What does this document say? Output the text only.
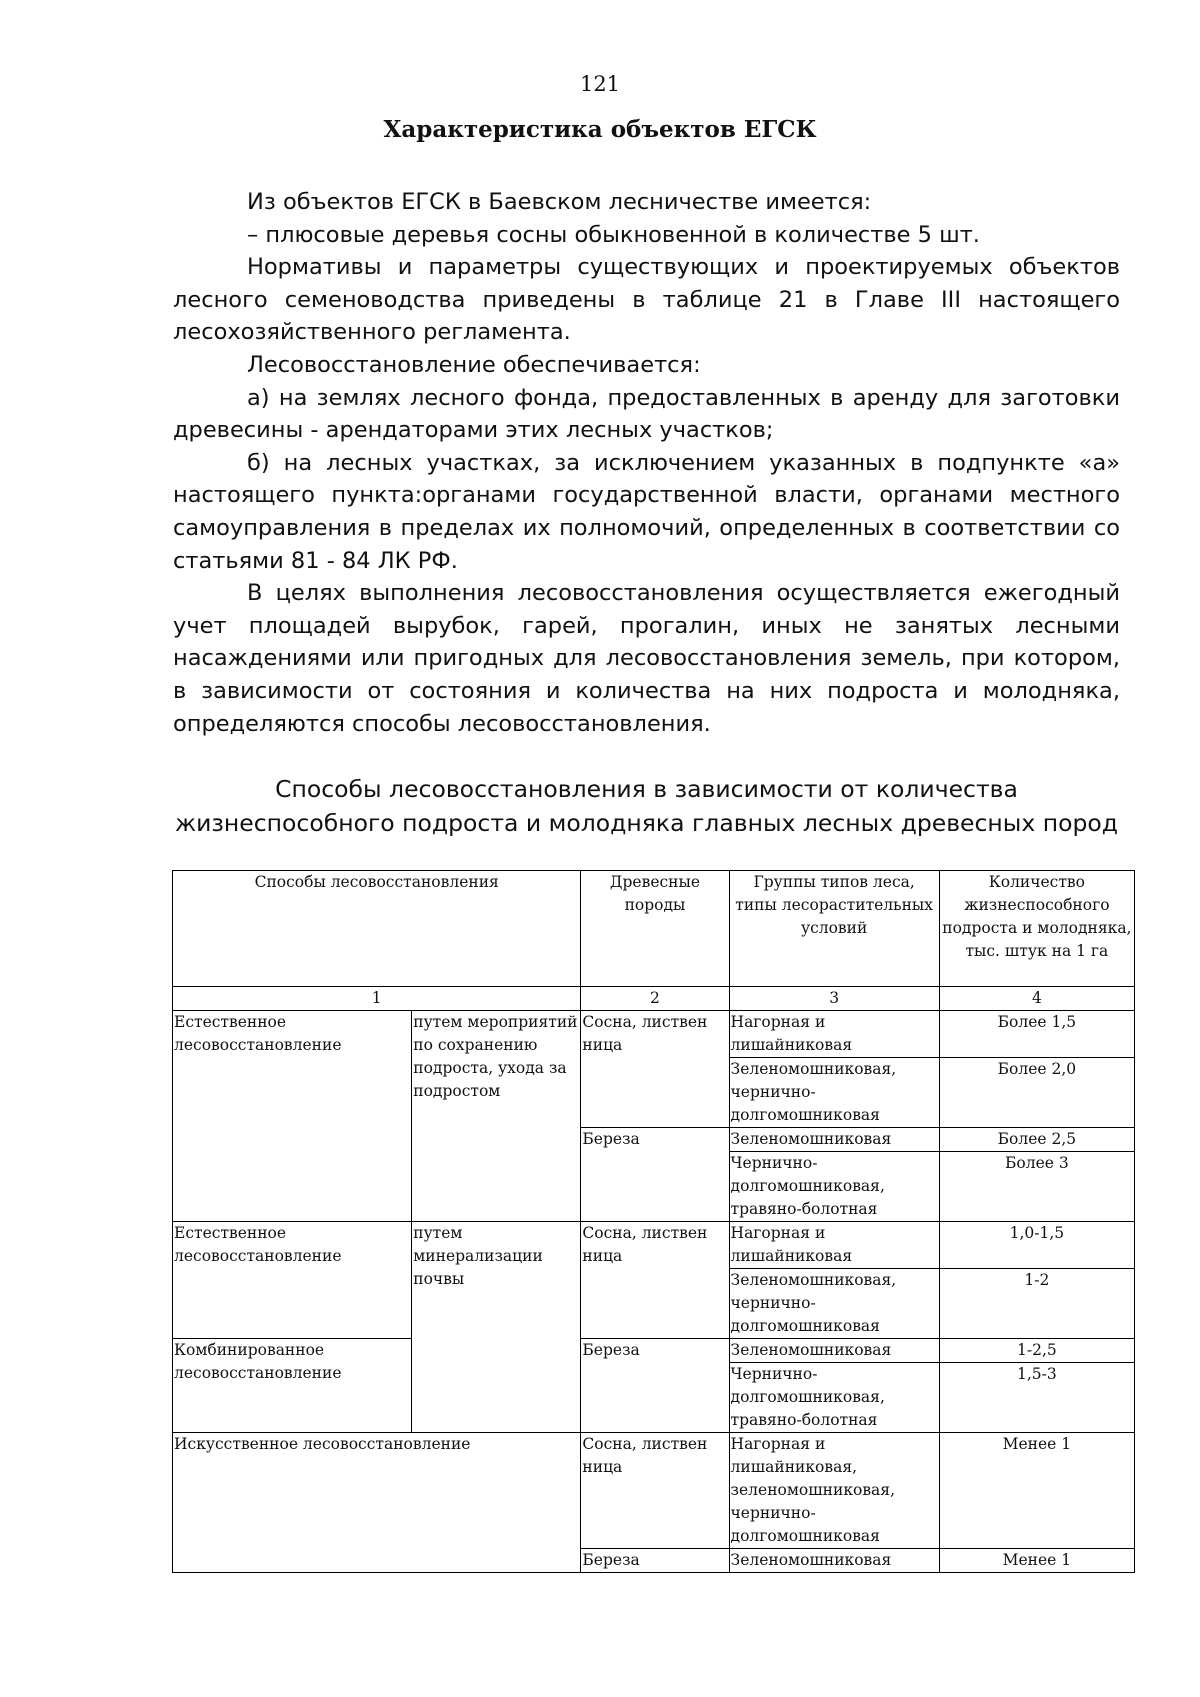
121
Характеристика объектов ЕГСК

Из объектов ЕГСК в Баевском лесничестве имеется:

– плюсовые деревья сосны обыкновенной в количестве 5 шт.

Нормативы и параметры существующих и проектируемых объектов лесного семеноводства приведены в таблице 21 в Главе III настоящего лесохозяйственного регламента.

Лесовосстановление обеспечивается:

а) на землях лесного фонда, предоставленных в аренду для заготовки древесины - арендаторами этих лесных участков;

б) на лесных участках, за исключением указанных в подпункте «а» настоящего пункта:органами государственной власти, органами местного самоуправления в пределах их полномочий, определенных в соответствии со статьями 81 - 84 ЛК РФ.

В целях выполнения лесовосстановления осуществляется ежегодный учет площадей вырубок, гарей, прогалин, иных не занятых лесными насаждениями или пригодных для лесовосстановления земель, при котором, в зависимости от состояния и количества на них подроста и молодняка, определяются способы лесовосстановления.

Способы лесовосстановления в зависимости от количества жизнеспособного подроста и молодняка главных лесных древесных пород
Способы лесовосстановления		Древесные породы	Группы типов леса, типы лесорастительных условий	Количество жизнеспособного подроста и молодняка, тыс. штук на 1 га
1		2	3	4
Естественное лесовосстановление	путем мероприятий по сохранению подроста, ухода за подростом	Сосна, листвен ница	Нагорная и лишайниковая	Более 1,5
			Зеленомошниковая, чернично-долгомошниковая	Более 2,0
		Береза	Зеленомошниковая	Более 2,5
			Чернично-долгомошниковая, травяно-болотная	Более 3
Естественное лесовосстановление	путем минерализации почвы	Сосна, листвен ница	Нагорная и лишайниковая	1,0-1,5
			Зеленомошниковая, чернично-долгомошниковая	1-2
Комбинированное лесовосстановление		Береза	Зеленомошниковая	1-2,5
			Чернично-долгомошниковая, травяно-болотная	1,5-3
Искусственное лесовосстановление		Сосна, листвен ница	Нагорная и лишайниковая, зеленомошниковая, чернично-долгомошниковая	Менее 1
		Береза	Зеленомошниковая	Менее 1
